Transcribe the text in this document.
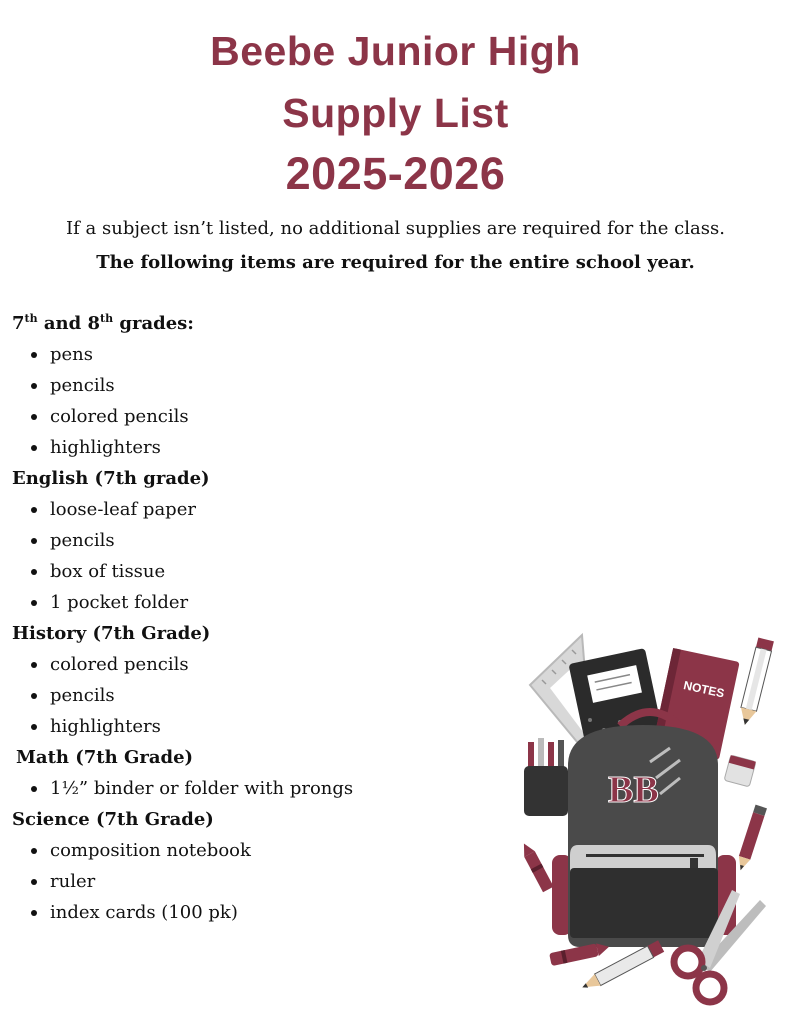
Beebe Junior High
Supply List
2025-2026
If a subject isn’t listed, no additional supplies are required for the class.
The following items are required for the entire school year.
7th and 8th grades:
pens
pencils
colored pencils
highlighters
English (7th grade)
loose-leaf paper
pencils
box of tissue
1 pocket folder
History (7th Grade)
colored pencils
pencils
highlighters
Math (7th Grade)
1½” binder or folder with prongs
Science (7th Grade)
composition notebook
ruler
index cards (100 pk)
NOTES
BB
